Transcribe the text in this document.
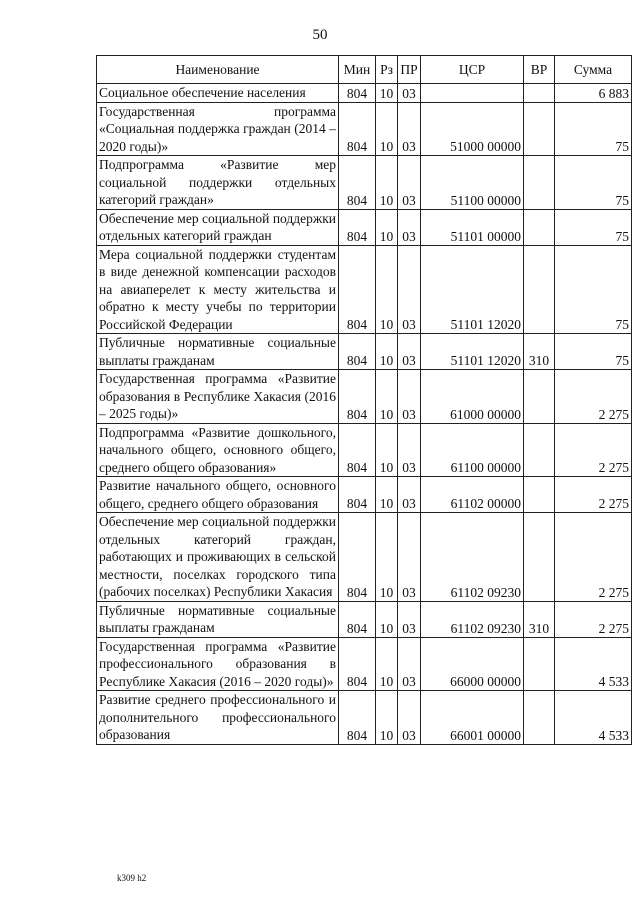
50
Наименование	Мин	Рз	ПР	ЦСР	ВР	Сумма
Социальное обеспечение населения	804	10	03			6 883
Государственная программа «Социальная поддержка граждан (2014 – 2020 годы)»	804	10	03	51000 00000		75
Подпрограмма «Развитие мер социальной поддержки отдельных категорий граждан»	804	10	03	51100 00000		75
Обеспечение мер социальной поддержки отдельных категорий граждан	804	10	03	51101 00000		75
Мера социальной поддержки студентам в виде денежной компенсации расходов на авиаперелет к месту жительства и обратно к месту учебы по территории Российской Федерации	804	10	03	51101 12020		75
Публичные нормативные социальные выплаты гражданам	804	10	03	51101 12020	310	75
Государственная программа «Развитие образования в Республике Хакасия (2016 – 2025 годы)»	804	10	03	61000 00000		2 275
Подпрограмма «Развитие дошкольного, начального общего, основного общего, среднего общего образования»	804	10	03	61100 00000		2 275
Развитие начального общего, основного общего, среднего общего образования	804	10	03	61102 00000		2 275
Обеспечение мер социальной поддержки отдельных категорий граждан, работающих и проживающих в сельской местности, поселках городского типа (рабочих поселках) Республики Хакасия	804	10	03	61102 09230		2 275
Публичные нормативные социальные выплаты гражданам	804	10	03	61102 09230	310	2 275
Государственная программа «Развитие профессионального образования в Республике Хакасия (2016 – 2020 годы)»	804	10	03	66000 00000		4 533
Развитие среднего профессионального и дополнительного профессионального образования	804	10	03	66001 00000		4 533
k309 h2
